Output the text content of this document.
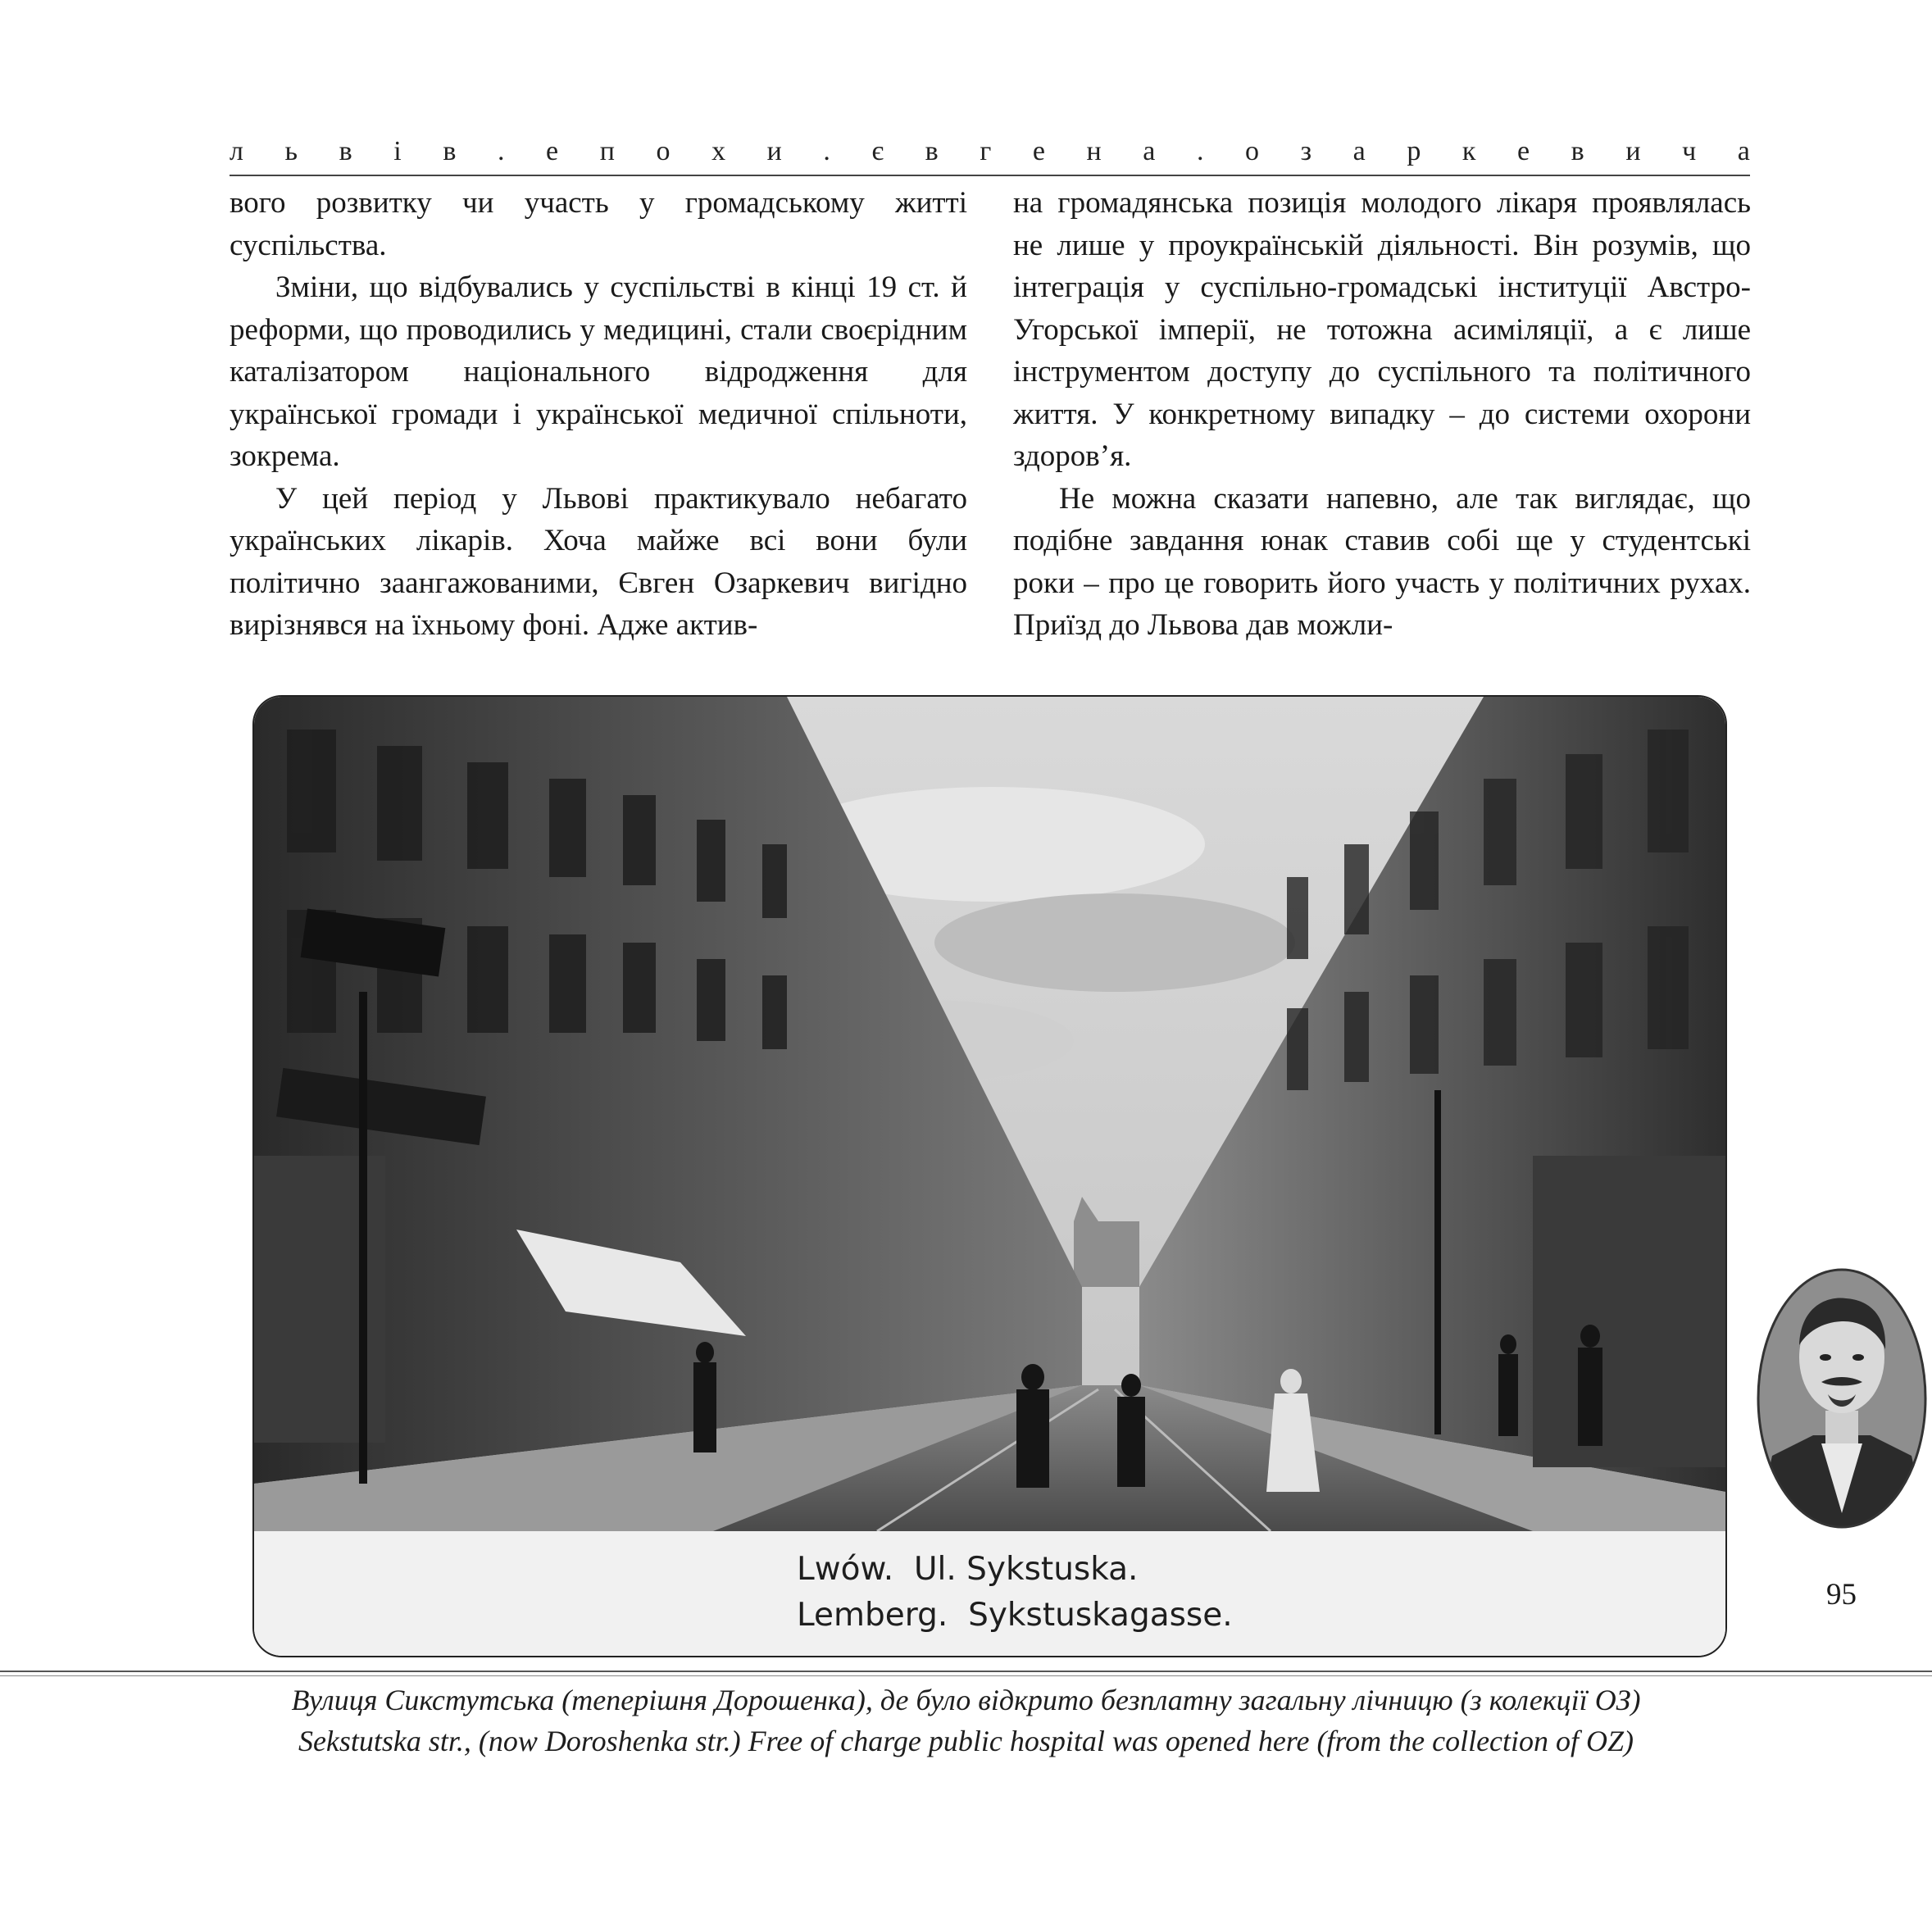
л ь в і в . е п о х и . є в г е н а . о з а р к е в и ч а

вого розвитку чи участь у громадському житті суспільства.

Зміни, що відбувались у суспільстві в кінці 19 ст. й реформи, що проводились у медицині, стали своєрідним каталізатором національного відродження для української громади і української медичної спільноти, зокрема.

У цей період у Львові практикувало небагато українських лікарів. Хоча майже всі вони були політично заангажованими, Євген Озаркевич вигідно вирізнявся на їхньому фоні. Адже актив-

на громадянська позиція молодого лікаря проявлялась не лише у проукраїнській діяльності. Він розумів, що інтеграція у суспільно-громадські інституції Австро-Угорської імперії, не тотожна асиміляції, а є лише інструментом доступу до суспільного та політичного життя. У конкретному випадку – до системи охорони здоров’я.

Не можна сказати напевно, але так виглядає, що подібне завдання юнак ставив собі ще у студентські роки – про це говорить його участь у політичних рухах. Приїзд до Львова дав можли-

Lwów.  Ul. Sykstuska.
Lemberg.  Sykstuskagasse.
95
Вулиця Сикстутська (теперішня Дорошенка), де було відкрито безплатну загальну лічницю (з колекції ОЗ)
Sekstutska str., (now Doroshenka str.) Free of charge public hospital was opened here (from the collection of OZ)
